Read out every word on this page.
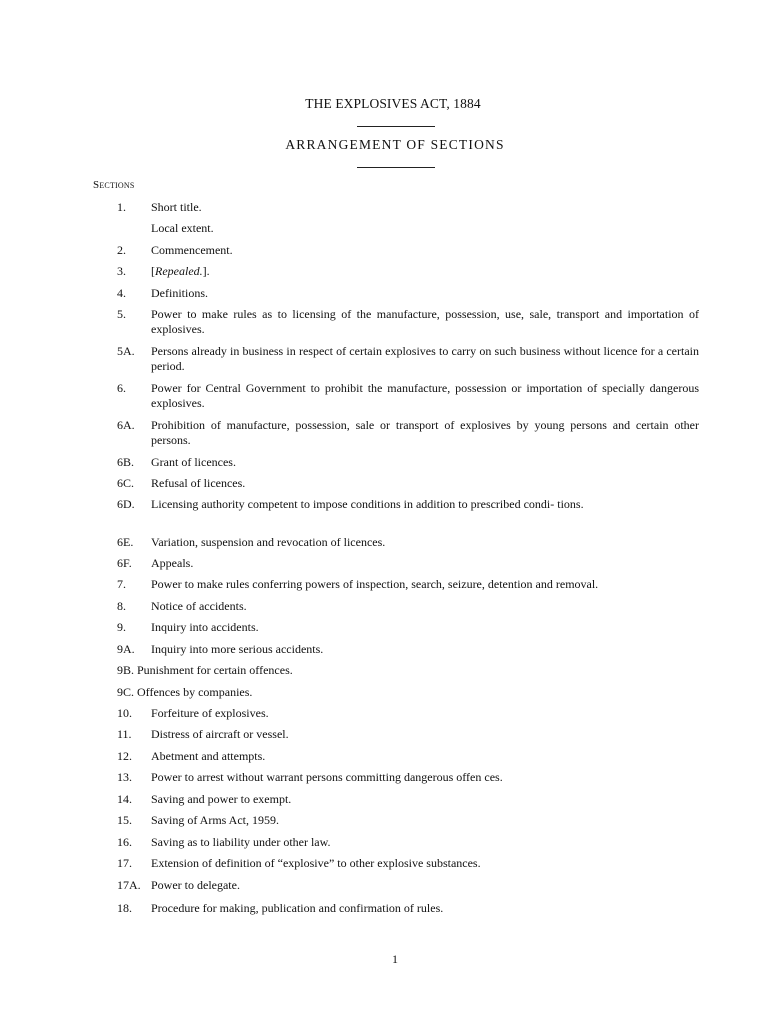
THE EXPLOSIVES ACT, 1884
ARRANGEMENT OF SECTIONS
Sections
1.	Short title.
Local extent.
2.	Commencement.
3.	[Repealed.].
4.	Definitions.
5.	Power to make rules as to licensing of the manufacture, possession, use, sale, transport and importation of explosives.
5A.	Persons already in business in respect of certain explosives to carry on such business without licence for a certain period.
6.	Power for Central Government to prohibit the manufacture, possession or importation of specially dangerous explosives.
6A.	Prohibition of manufacture, possession, sale or transport of explosives by young persons and certain other persons.
6B.	Grant of licences.
6C.	Refusal of licences.
6D.	Licensing authority competent to impose conditions in addition to prescribed condi- tions.
6E.	Variation, suspension and revocation of licences.
6F.	Appeals.
7.	Power to make rules conferring powers of inspection, search, seizure, detention and removal.
8.	Notice of accidents.
9.	Inquiry into accidents.
9A.	Inquiry into more serious accidents.
9B. Punishment for certain offences.
9C. Offences by companies.
10.	Forfeiture of explosives.
11.	Distress of aircraft or vessel.
12.	Abetment and attempts.
13.	Power to arrest without warrant persons committing dangerous offen ces.
14.	Saving and power to exempt.
15.	Saving of Arms Act, 1959.
16.	Saving as to liability under other law.
17.	Extension of definition of “explosive” to other explosive substances.
17A. Power to delegate.
18.	Procedure for making, publication and confirmation of rules.
1
